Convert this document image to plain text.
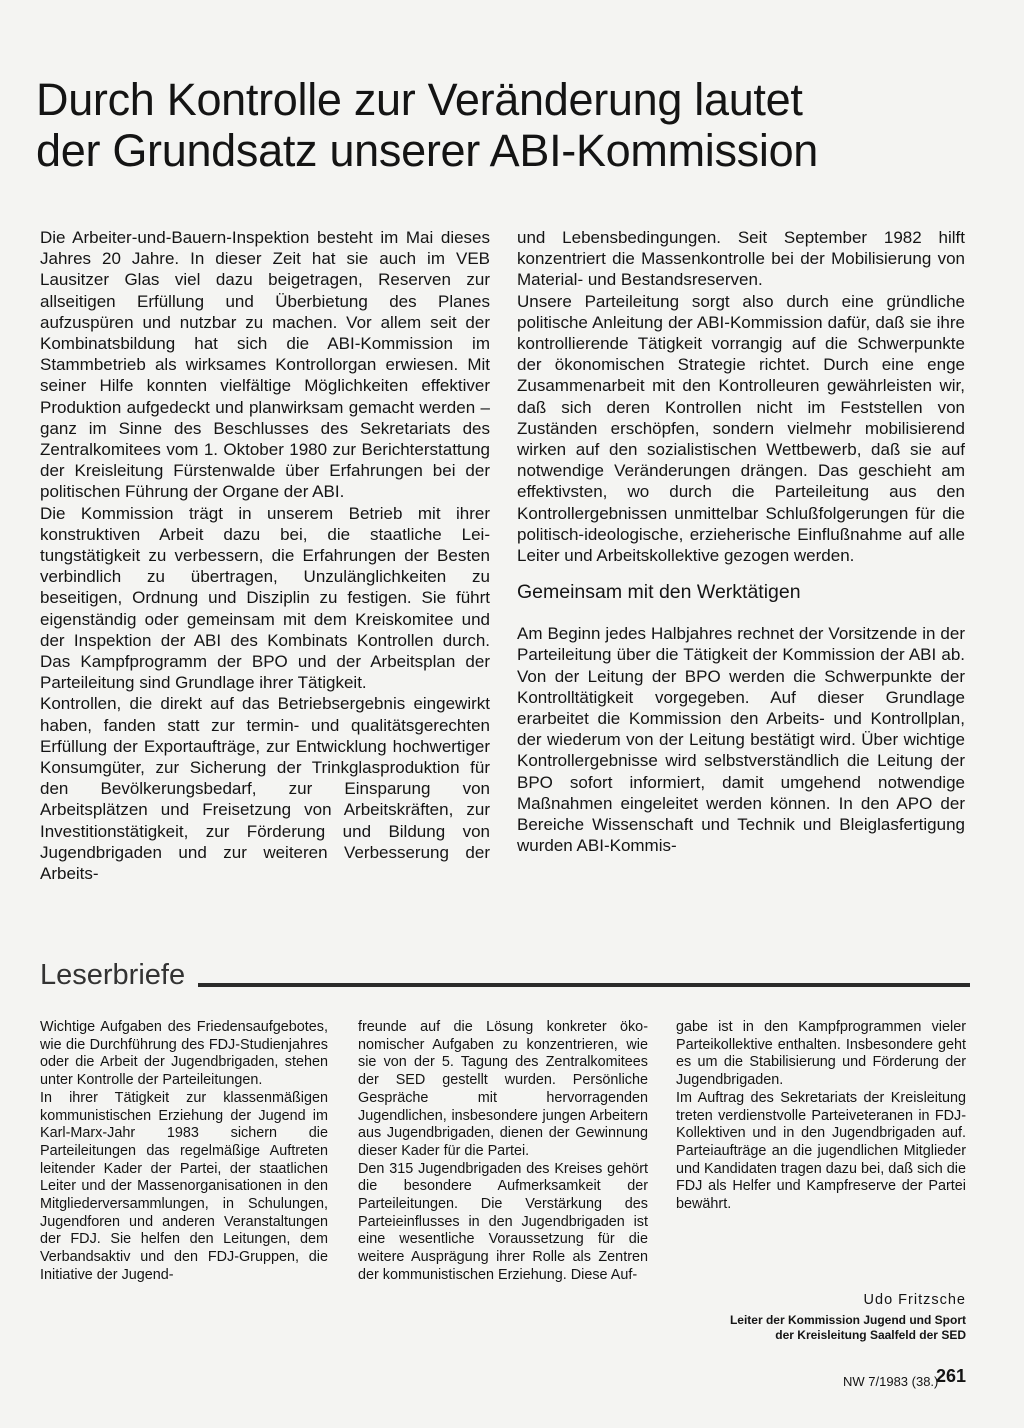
Durch Kontrolle zur Veränderung lautet
der Grundsatz unserer ABI-Kommission

Die Arbeiter-und-Bauern-Inspektion besteht im Mai dieses Jahres 20 Jahre. In dieser Zeit hat sie auch im VEB Lausitzer Glas viel dazu beigetragen, Reserven zur allseitigen Erfüllung und Überbietung des Planes aufzuspüren und nutzbar zu machen. Vor allem seit der Kombinatsbildung hat sich die ABI-Kommission im Stammbetrieb als wirksames Kontrollorgan erwiesen. Mit seiner Hilfe konnten vielfältige Möglichkeiten effektiver Produktion aufgedeckt und planwirksam gemacht werden – ganz im Sinne des Beschlusses des Sekretariats des Zentralkomitees vom 1. Oktober 1980 zur Berichterstattung der Kreisleitung Fürstenwalde über Erfahrungen bei der politischen Führung der Organe der ABI.

Die Kommission trägt in unserem Betrieb mit ihrer konstruktiven Arbeit dazu bei, die staatliche Leitungstätigkeit zu verbessern, die Erfahrungen der Besten verbindlich zu übertragen, Unzulänglichkeiten zu beseitigen, Ordnung und Disziplin zu festigen. Sie führt eigenständig oder gemeinsam mit dem Kreiskomitee und der Inspektion der ABI des Kombinats Kontrollen durch. Das Kampfprogramm der BPO und der Arbeitsplan der Parteileitung sind Grundlage ihrer Tätigkeit.

Kontrollen, die direkt auf das Betriebsergebnis eingewirkt haben, fanden statt zur termin- und qualitätsgerechten Erfüllung der Exportaufträge, zur Entwicklung hochwertiger Konsumgüter, zur Sicherung der Trinkglasproduktion für den Bevölkerungsbedarf, zur Einsparung von Arbeitsplätzen und Freisetzung von Arbeitskräften, zur Investitionstätigkeit, zur Förderung und Bildung von Jugendbrigaden und zur weiteren Verbesserung der Arbeits-

und Lebensbedingungen. Seit September 1982 hilft konzentriert die Massenkontrolle bei der Mobilisierung von Material- und Bestandsreserven.

Unsere Parteileitung sorgt also durch eine gründliche politische Anleitung der ABI-Kommission dafür, daß sie ihre kontrollierende Tätigkeit vorrangig auf die Schwerpunkte der ökonomischen Strategie richtet. Durch eine enge Zusammenarbeit mit den Kontrolleuren gewährleisten wir, daß sich deren Kontrollen nicht im Feststellen von Zuständen erschöpfen, sondern vielmehr mobilisierend wirken auf den sozialistischen Wettbewerb, daß sie auf notwendige Veränderungen drängen. Das geschieht am effektivsten, wo durch die Parteileitung aus den Kontrollergebnissen unmittelbar Schlußfolgerungen für die politisch-ideologische, erzieherische Einflußnahme auf alle Leiter und Arbeitskollektive gezogen werden.

Gemeinsam mit den Werktätigen

Am Beginn jedes Halbjahres rechnet der Vorsitzende in der Parteileitung über die Tätigkeit der Kommission der ABI ab. Von der Leitung der BPO werden die Schwerpunkte der Kontrolltätigkeit vorgegeben. Auf dieser Grundlage erarbeitet die Kommission den Arbeits- und Kontrollplan, der wiederum von der Leitung bestätigt wird. Über wichtige Kontrollergebnisse wird selbstverständlich die Leitung der BPO sofort informiert, damit umgehend notwendige Maßnahmen eingeleitet werden können. In den APO der Bereiche Wissenschaft und Technik und Bleiglasfertigung wurden ABI-Kommis-

Leserbriefe

Wichtige Aufgaben des Friedensaufgebotes, wie die Durchführung des FDJ-Studienjahres oder die Arbeit der Jugendbrigaden, stehen unter Kontrolle der Parteileitungen.

In ihrer Tätigkeit zur klassenmäßigen kommunistischen Erziehung der Jugend im Karl-Marx-Jahr 1983 sichern die Parteileitungen das regelmäßige Auftreten leitender Kader der Partei, der staatlichen Leiter und der Massenorganisationen in den Mitgliederversammlungen, in Schulungen, Jugendforen und anderen Veranstaltungen der FDJ. Sie helfen den Leitungen, dem Verbandsaktiv und den FDJ-Gruppen, die Initiative der Jugend-

freunde auf die Lösung konkreter ökonomischer Aufgaben zu konzentrieren, wie sie von der 5. Tagung des Zentralkomitees der SED gestellt wurden. Persönliche Gespräche mit hervorragenden Jugendlichen, insbesondere jungen Arbeitern aus Jugendbrigaden, dienen der Gewinnung dieser Kader für die Partei.

Den 315 Jugendbrigaden des Kreises gehört die besondere Aufmerksamkeit der Parteileitungen. Die Verstärkung des Parteieinflusses in den Jugendbrigaden ist eine wesentliche Voraussetzung für die weitere Ausprägung ihrer Rolle als Zentren der kommunistischen Erziehung. Diese Auf-

gabe ist in den Kampfprogrammen vieler Parteikollektive enthalten. Insbesondere geht es um die Stabilisierung und Förderung der Jugendbrigaden.

Im Auftrag des Sekretariats der Kreisleitung treten verdienstvolle Parteiveteranen in FDJ-Kollektiven und in den Jugendbrigaden auf. Parteiaufträge an die jugendlichen Mitglieder und Kandidaten tragen dazu bei, daß sich die FDJ als Helfer und Kampfreserve der Partei bewährt.

Udo Fritzsche
Leiter der Kommission Jugend und Sport
der Kreisleitung Saalfeld der SED
NW 7/1983 (38.)
261
